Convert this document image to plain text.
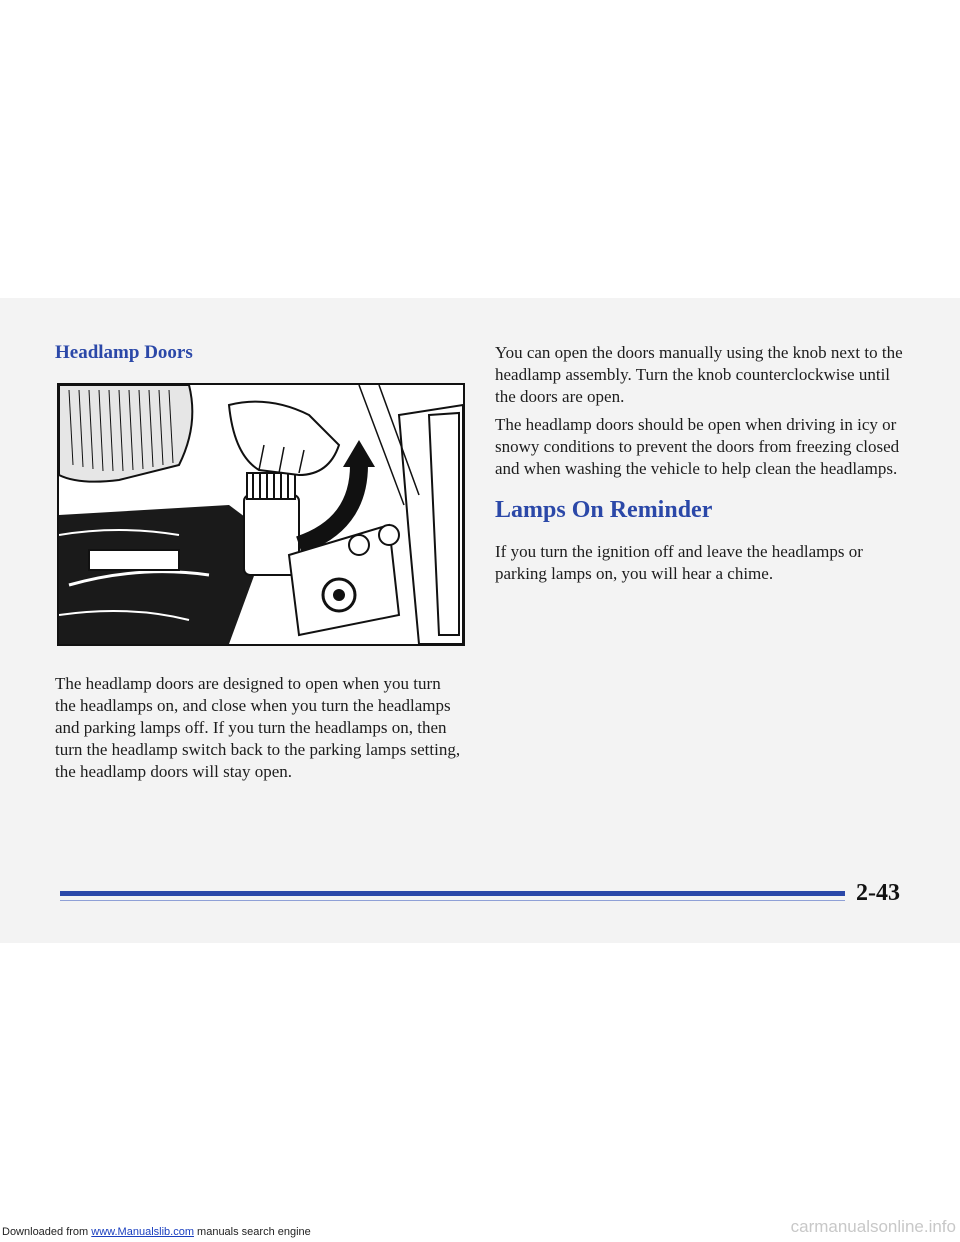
Headlamp Doors

The headlamp doors are designed to open when you turn the headlamps on, and close when you turn the headlamps and parking lamps off. If you turn the headlamps on, then turn the headlamp switch back to the parking lamps setting, the headlamp doors will stay open.

You can open the doors manually using the knob next to the headlamp assembly. Turn the knob counterclockwise until the doors are open.

The headlamp doors should be open when driving in icy or snowy conditions to prevent the doors from freezing closed and when washing the vehicle to help clean the headlamps.

Lamps On Reminder

If you turn the ignition off and leave the headlamps or parking lamps on, you will hear a chime.

2-43
Downloaded from www.Manualslib.com manuals search engine	carmanualsonline.info
